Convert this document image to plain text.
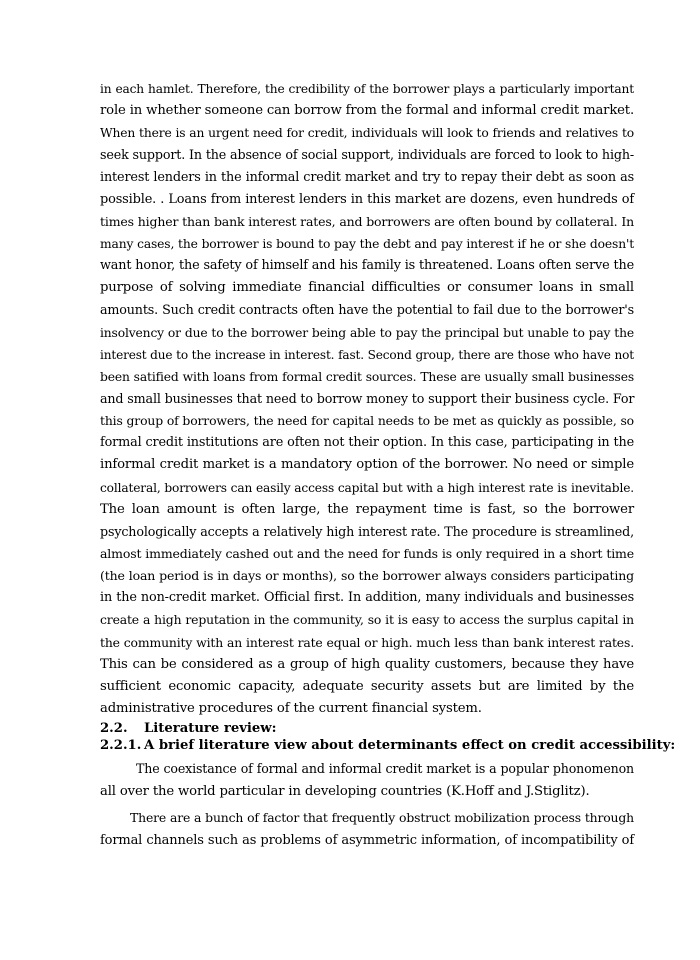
in each hamlet. Therefore, the credibility of the borrower plays a particularly important
role in whether someone can borrow from the formal and informal credit market.
When there is an urgent need for credit, individuals will look to friends and relatives to
seek support. In the absence of social support, individuals are forced to look to high-
interest lenders in the informal credit market and try to repay their debt as soon as
possible. . Loans from interest lenders in this market are dozens, even hundreds of
times higher than bank interest rates, and borrowers are often bound by collateral. In
many cases, the borrower is bound to pay the debt and pay interest if he or she doesn't
want honor, the safety of himself and his family is threatened. Loans often serve the
purpose of solving immediate financial difficulties or consumer loans in small
amounts. Such credit contracts often have the potential to fail due to the borrower's
insolvency or due to the borrower being able to pay the principal but unable to pay the
interest due to the increase in interest. fast. Second group, there are those who have not
been satified with loans from formal credit sources. These are usually small businesses
and small businesses that need to borrow money to support their business cycle. For
this group of borrowers, the need for capital needs to be met as quickly as possible, so
formal credit institutions are often not their option. In this case, participating in the
informal credit market is a mandatory option of the borrower. No need or simple
collateral, borrowers can easily access capital but with a high interest rate is inevitable.
The loan amount is often large, the repayment time is fast, so the borrower
psychologically accepts a relatively high interest rate. The procedure is streamlined,
almost immediately cashed out and the need for funds is only required in a short time
(the loan period is in days or months), so the borrower always considers participating
in the non-credit market. Official first. In addition, many individuals and businesses
create a high reputation in the community, so it is easy to access the surplus capital in
the community with an interest rate equal or high. much less than bank interest rates.
This can be considered as a group of high quality customers, because they have
sufficient economic capacity, adequate security assets but are limited by the
administrative procedures of the current financial system.
2.2. Literature review:
2.2.1. A brief literature view about determinants effect on credit accessibility:
The coexistance of formal and informal credit market is a popular phonomenon
all over the world particular in developing countries (K.Hoff and J.Stiglitz).
There are a bunch of factor that frequently obstruct mobilization process through
formal channels such as problems of asymmetric information, of incompatibility of
